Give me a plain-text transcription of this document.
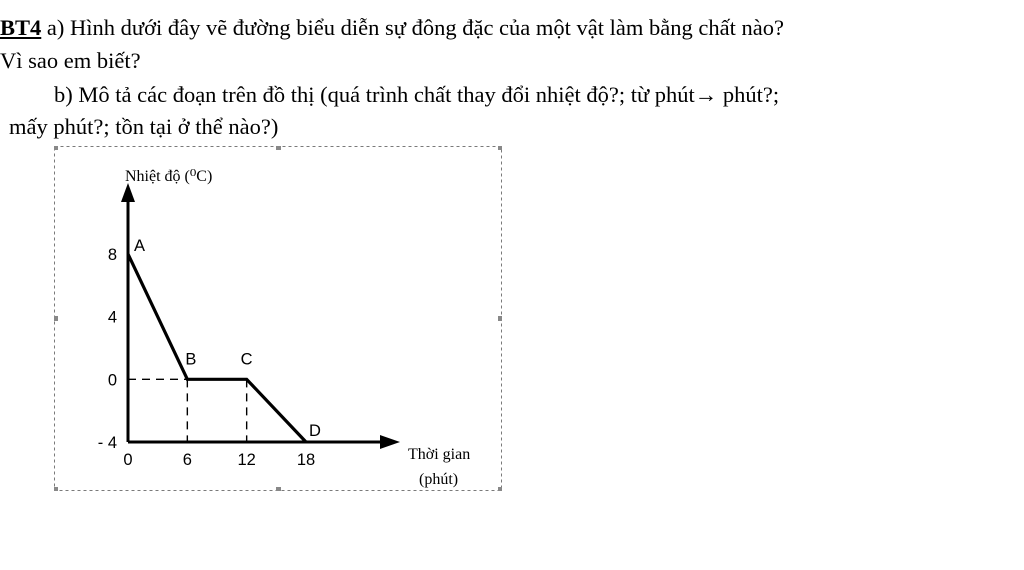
BT4 a) Hình dưới đây vẽ đường biểu diễn sự đông đặc của một vật làm bằng chất nào?
Vì sao em biết?
b) Mô tả các đoạn trên đồ thị (quá trình chất thay đổi nhiệt độ?; từ phút→ phút?;
mấy phút?; tồn tại ở thể nào?)
Nhiệt độ (⁰C)
Thời gian
(phút)
8
4
0
- 4
0	6	12 18
A
B	C
D
